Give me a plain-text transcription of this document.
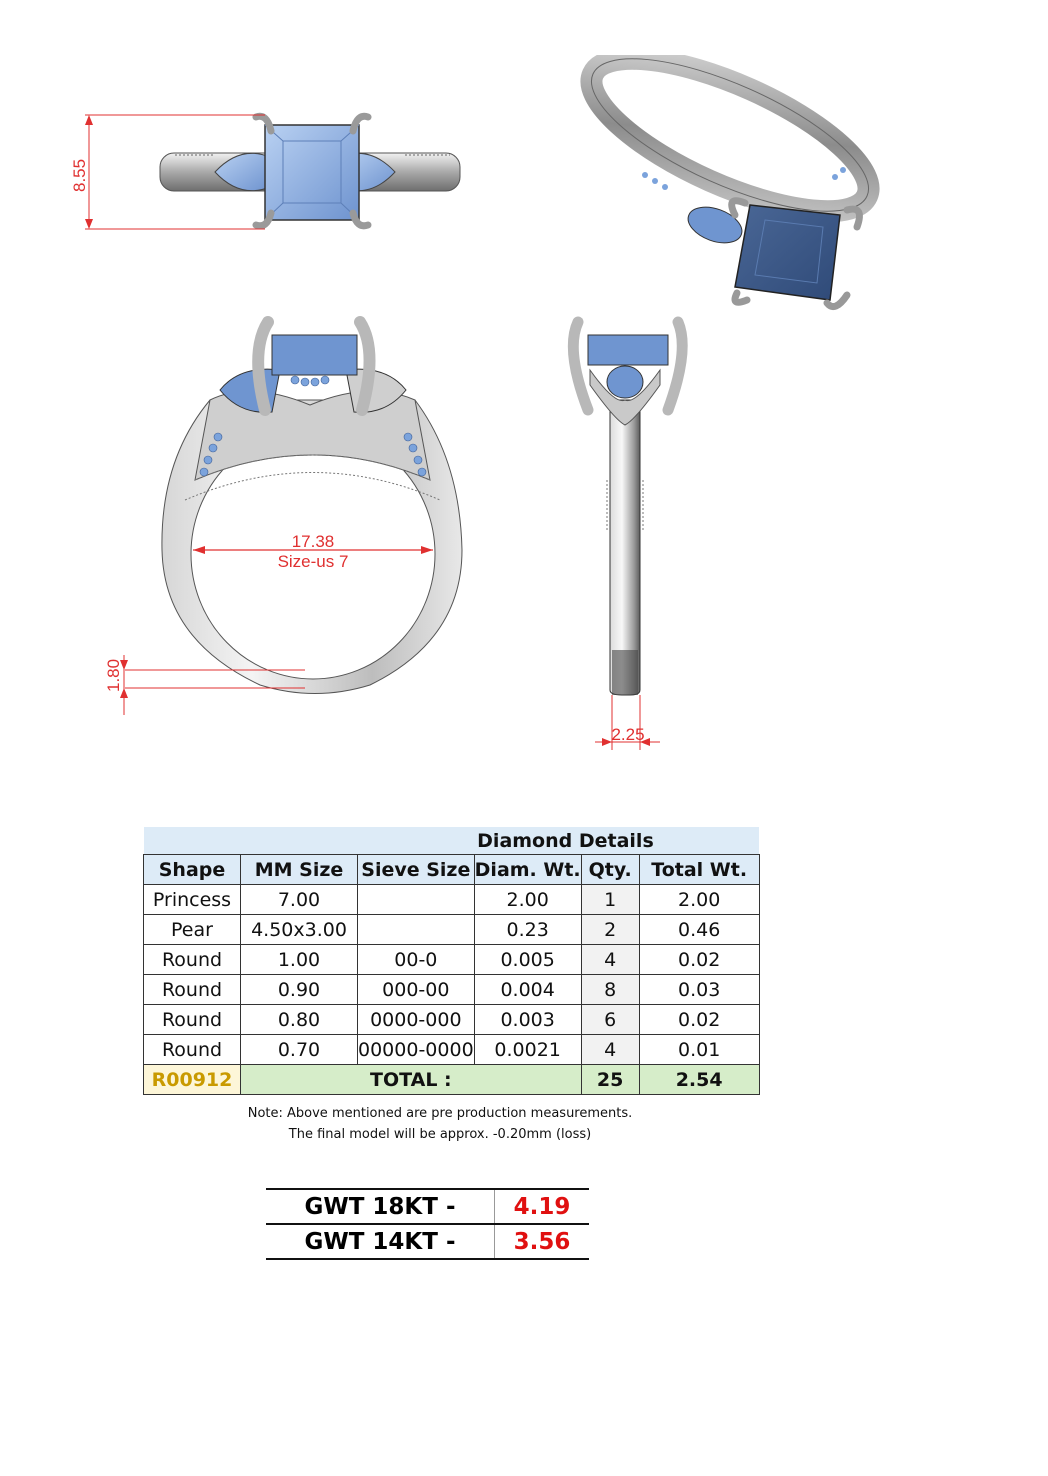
8.55
17.38
Size-us 7
1.80
2.25
			Diamond Details		
Shape	MM Size	Sieve Size	Diam. Wt.	Qty.	Total Wt.
Princess	7.00		2.00	1	2.00
Pear	4.50x3.00		0.23	2	0.46
Round	1.00	00-0	0.005	4	0.02
Round	0.90	000-00	0.004	8	0.03
Round	0.80	0000-000	0.003	6	0.02
Round	0.70	00000-0000	0.0021	4	0.01
R00912	TOTAL :			25	2.54
Note: Above mentioned are pre production measurements.
The final model will be approx. -0.20mm (loss)
GWT 18KT -	4.19
GWT 14KT -	3.56
